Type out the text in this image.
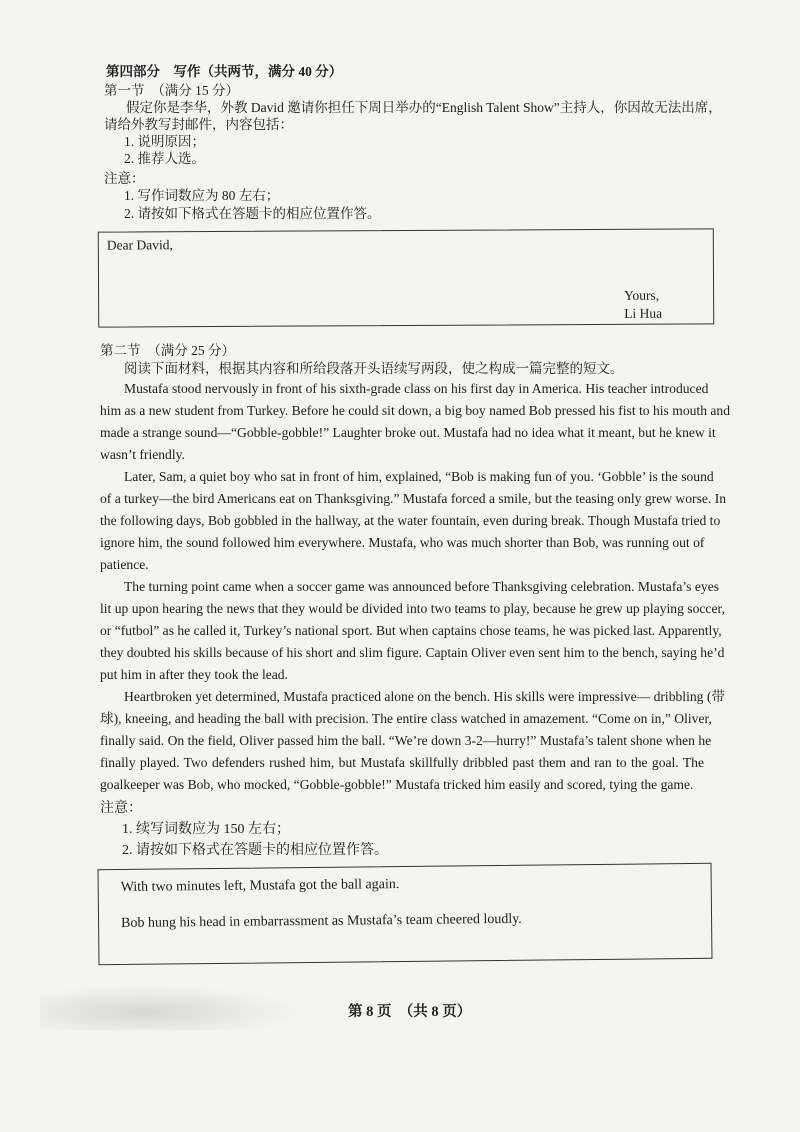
第四部分　写作（共两节，满分 40 分）
第一节　（满分 15 分）
假定你是李华，外教 David 邀请你担任下周日举办的“English Talent Show”主持人，你因故无法出席，
请给外教写封邮件，内容包括：
1. 说明原因；
2. 推荐人选。
注意：
1. 写作词数应为 80 左右；
2. 请按如下格式在答题卡的相应位置作答。
Dear David,
Yours,
Li Hua
第二节　（满分 25 分）
阅读下面材料，根据其内容和所给段落开头语续写两段，使之构成一篇完整的短文。
Mustafa stood nervously in front of his sixth-grade class on his first day in America. His teacher introduced
him as a new student from Turkey. Before he could sit down, a big boy named Bob pressed his fist to his mouth and
made a strange sound—“Gobble-gobble!” Laughter broke out. Mustafa had no idea what it meant, but he knew it
wasn’t friendly.
Later, Sam, a quiet boy who sat in front of him, explained, “Bob is making fun of you. ‘Gobble’ is the sound
of a turkey—the bird Americans eat on Thanksgiving.” Mustafa forced a smile, but the teasing only grew worse. In
the following days, Bob gobbled in the hallway, at the water fountain, even during break. Though Mustafa tried to
ignore him, the sound followed him everywhere. Mustafa, who was much shorter than Bob, was running out of
patience.
The turning point came when a soccer game was announced before Thanksgiving celebration. Mustafa’s eyes
lit up upon hearing the news that they would be divided into two teams to play, because he grew up playing soccer,
or “futbol” as he called it, Turkey’s national sport. But when captains chose teams, he was picked last. Apparently,
they doubted his skills because of his short and slim figure. Captain Oliver even sent him to the bench, saying he’d
put him in after they took the lead.
Heartbroken yet determined, Mustafa practiced alone on the bench. His skills were impressive— dribbling (带
球), kneeing, and heading the ball with precision. The entire class watched in amazement. “Come on in,” Oliver,
finally said. On the field, Oliver passed him the ball. “We’re down 3-2—hurry!” Mustafa’s talent shone when he
finally played. Two defenders rushed him, but Mustafa skillfully dribbled past them and ran to the goal. The
goalkeeper was Bob, who mocked, “Gobble-gobble!” Mustafa tricked him easily and scored, tying the game.
注意：
1. 续写词数应为 150 左右；
2. 请按如下格式在答题卡的相应位置作答。
With two minutes left, Mustafa got the ball again.
Bob hung his head in embarrassment as Mustafa’s team cheered loudly.
第 8 页　（共 8 页）
